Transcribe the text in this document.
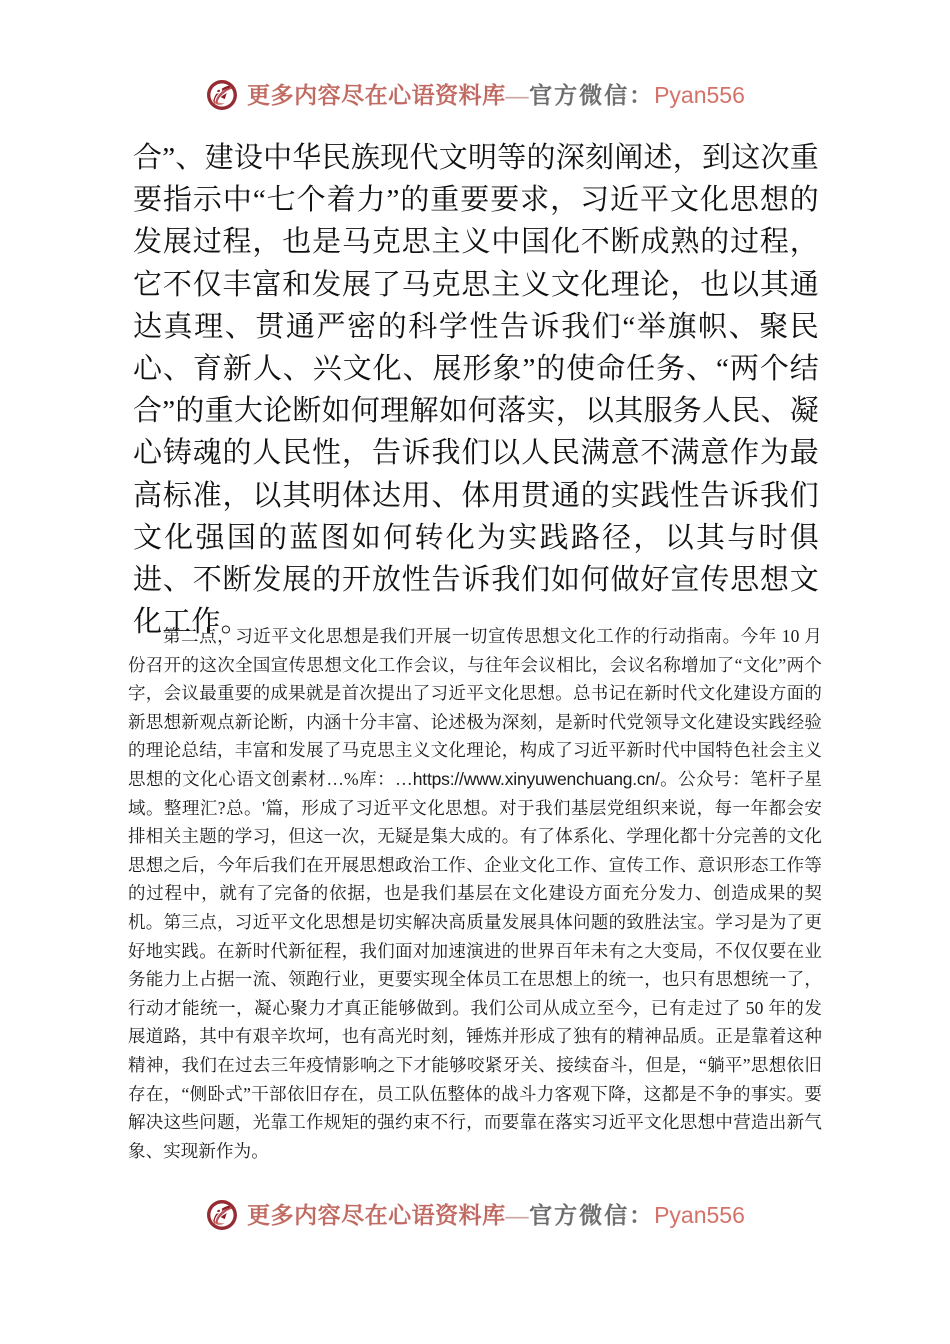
更多内容尽在心语资料库—官方微信：Pyan556

合”、建设中华民族现代文明等的深刻阐述，到这次重要指示中“七个着力”的重要要求，习近平文化思想的发展过程，也是马克思主义中国化不断成熟的过程，它不仅丰富和发展了马克思主义文化理论，也以其通达真理、贯通严密的科学性告诉我们“举旗帜、聚民心、育新人、兴文化、展形象”的使命任务、“两个结合”的重大论断如何理解如何落实，以其服务人民、凝心铸魂的人民性，告诉我们以人民满意不满意作为最高标准，以其明体达用、体用贯通的实践性告诉我们文化强国的蓝图如何转化为实践路径，以其与时俱进、不断发展的开放性告诉我们如何做好宣传思想文化工作。

第二点，习近平文化思想是我们开展一切宣传思想文化工作的行动指南。今年 10 月份召开的这次全国宣传思想文化工作会议，与往年会议相比，会议名称增加了“文化”两个字，会议最重要的成果就是首次提出了习近平文化思想。总书记在新时代文化建设方面的新思想新观点新论断，内涵十分丰富、论述极为深刻，是新时代党领导文化建设实践经验的理论总结，丰富和发展了马克思主义文化理论，构成了习近平新时代中国特色社会主义思想的文化心语文创素材…%库：…https://www.xinyuwenchuang.cn/。公众号：笔杆子星域。整理汇?总。'篇，形成了习近平文化思想。对于我们基层党组织来说，每一年都会安排相关主题的学习，但这一次，无疑是集大成的。有了体系化、学理化都十分完善的文化思想之后，今年后我们在开展思想政治工作、企业文化工作、宣传工作、意识形态工作等的过程中，就有了完备的依据，也是我们基层在文化建设方面充分发力、创造成果的契机。第三点，习近平文化思想是切实解决高质量发展具体问题的致胜法宝。学习是为了更好地实践。在新时代新征程，我们面对加速演进的世界百年未有之大变局，不仅仅要在业务能力上占据一流、领跑行业，更要实现全体员工在思想上的统一，也只有思想统一了，行动才能统一，凝心聚力才真正能够做到。我们公司从成立至今，已有走过了 50 年的发展道路，其中有艰辛坎坷，也有高光时刻，锤炼并形成了独有的精神品质。正是靠着这种精神，我们在过去三年疫情影响之下才能够咬紧牙关、接续奋斗，但是，“躺平”思想依旧存在，“侧卧式”干部依旧存在，员工队伍整体的战斗力客观下降，这都是不争的事实。要解决这些问题，光靠工作规矩的强约束不行，而要靠在落实习近平文化思想中营造出新气象、实现新作为。

更多内容尽在心语资料库—官方微信：Pyan556
